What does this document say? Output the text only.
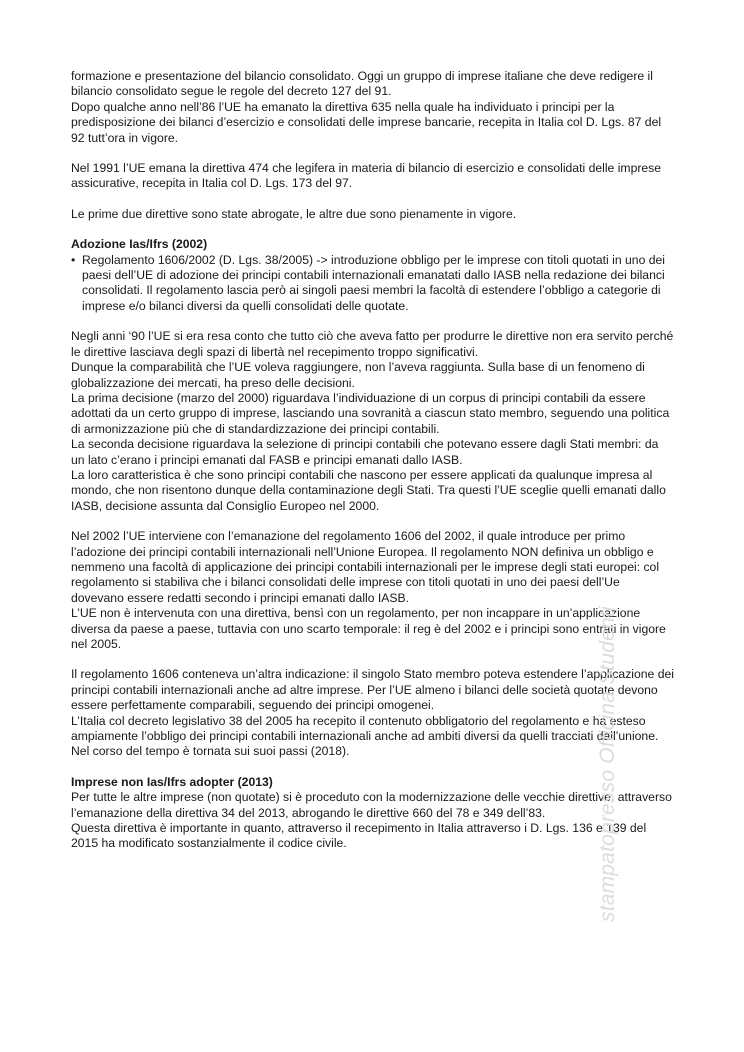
formazione e presentazione del bilancio consolidato. Oggi un gruppo di imprese italiane che deve redigere il bilancio consolidato segue le regole del decreto 127 del 91.

Dopo qualche anno nell’86 l’UE ha emanato la direttiva 635 nella quale ha individuato i principi per la predisposizione dei bilanci d’esercizio e consolidati delle imprese bancarie, recepita in Italia col D. Lgs. 87 del 92 tutt’ora in vigore.

Nel 1991 l’UE emana la direttiva 474 che legifera in materia di bilancio di esercizio e consolidati delle imprese assicurative, recepita in Italia col D. Lgs. 173 del 97.

Le prime due direttive sono state abrogate, le altre due sono pienamente in vigore.

Adozione Ias/Ifrs (2002)
• Regolamento 1606/2002 (D. Lgs. 38/2005) -> introduzione obbligo per le imprese con titoli quotati in uno dei paesi dell’UE di adozione dei principi contabili internazionali emanatati dallo IASB nella redazione dei bilanci consolidati. Il regolamento lascia però ai singoli paesi membri la facoltà di estendere l’obbligo a categorie di imprese e/o bilanci diversi da quelli consolidati delle quotate.

Negli anni ‘90 l’UE si era resa conto che tutto ciò che aveva fatto per produrre le direttive non era servito perché le direttive lasciava degli spazi di libertà nel recepimento troppo significativi.

Dunque la comparabilità che l’UE voleva raggiungere, non l’aveva raggiunta. Sulla base di un fenomeno di globalizzazione dei mercati, ha preso delle decisioni.

La prima decisione (marzo del 2000) riguardava l’individuazione di un corpus di principi contabili da essere adottati da un certo gruppo di imprese, lasciando una sovranità a ciascun stato membro, seguendo una politica di armonizzazione più che di standardizzazione dei principi contabili.

La seconda decisione riguardava la selezione di principi contabili che potevano essere dagli Stati membri: da un lato c’erano i principi emanati dal FASB e principi emanati dallo IASB.

La loro caratteristica è che sono principi contabili che nascono per essere applicati da qualunque impresa al mondo, che non risentono dunque della contaminazione degli Stati. Tra questi l’UE sceglie quelli emanati dallo IASB, decisione assunta dal Consiglio Europeo nel 2000.

Nel 2002 l’UE interviene con l’emanazione del regolamento 1606 del 2002, il quale introduce per primo l’adozione dei principi contabili internazionali nell’Unione Europea. Il regolamento NON definiva un obbligo e nemmeno una facoltà di applicazione dei principi contabili internazionali per le imprese degli stati europei: col regolamento si stabiliva che i bilanci consolidati delle imprese con titoli quotati in uno dei paesi dell’Ue dovevano essere redatti secondo i principi emanati dallo IASB.

L’UE non è intervenuta con una direttiva, bensì con un regolamento, per non incappare in un’applicazione diversa da paese a paese, tuttavia con uno scarto temporale: il reg è del 2002 e i principi sono entrati in vigore nel 2005.

Il regolamento 1606 conteneva un’altra indicazione: il singolo Stato membro poteva estendere l’applicazione dei principi contabili internazionali anche ad altre imprese. Per l’UE almeno i bilanci delle società quotate devono essere perfettamente comparabili, seguendo dei principi omogenei.

L’Italia col decreto legislativo 38 del 2005 ha recepito il contenuto obbligatorio del regolamento e ha esteso ampiamente l’obbligo dei principi contabili internazionali anche ad ambiti diversi da quelli tracciati dall’unione. Nel corso del tempo è tornata sui suoi passi (2018).

Imprese non Ias/Ifrs adopter (2013)

Per tutte le altre imprese (non quotate) si è proceduto con la modernizzazione delle vecchie direttive, attraverso l’emanazione della direttiva 34 del 2013, abrogando le direttive 660 del 78 e 349 dell’83.

Questa direttiva è importante in quanto, attraverso il recepimento in Italia attraverso i D. Lgs. 136 e 139 del 2015 ha modificato sostanzialmente il codice civile.	stampatopresso Officina Studenti
